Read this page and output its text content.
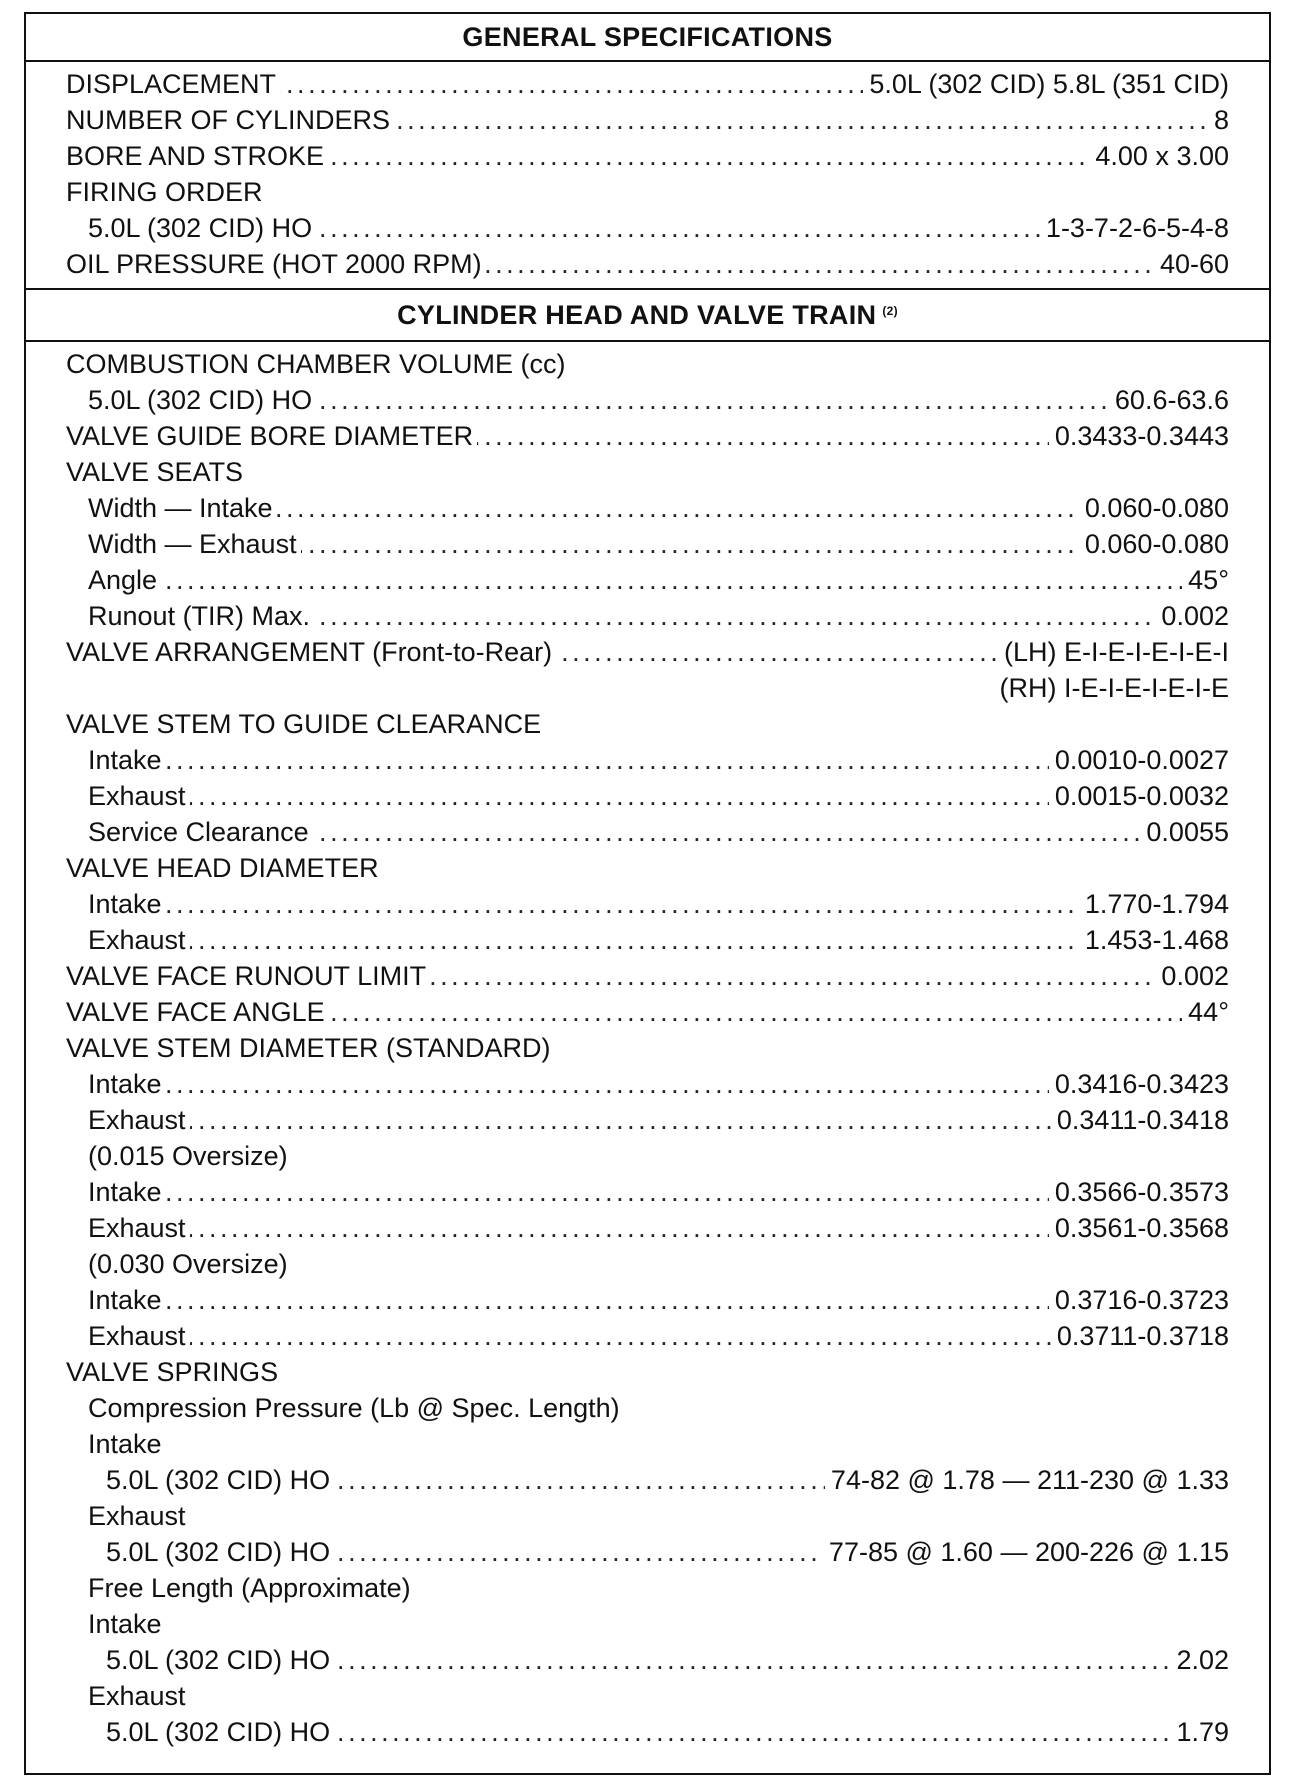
GENERAL SPECIFICATIONS
. . . DISPLACEMENT	5.0L (302 CID) 5.8L (351 CID)
. . . NUMBER OF CYLINDERS	8
. . . BORE AND STROKE	4.00 x 3.00
FIRING ORDER
. . . 5.0L (302 CID) HO	1-3-7-2-6-5-4-8
. . . OIL PRESSURE (HOT 2000 RPM)	40-60
CYLINDER HEAD AND VALVE TRAIN $^{(2)}$
COMBUSTION CHAMBER VOLUME (cc)
. . . 5.0L (302 CID) HO	60.6-63.6
. . . VALVE GUIDE BORE DIAMETER	0.3433-0.3443
VALVE SEATS
. . . Width — Intake	0.060-0.080
. . . Width — Exhaust	0.060-0.080
. . . Angle	45°
. . . Runout (TIR) Max.	0.002
. . . VALVE ARRANGEMENT (Front-to-Rear)	(LH) E-I-E-I-E-I-E-I
(RH) I-E-I-E-I-E-I-E
VALVE STEM TO GUIDE CLEARANCE
. . . Intake	0.0010-0.0027
. . . Exhaust	0.0015-0.0032
. . . Service Clearance	0.0055
VALVE HEAD DIAMETER
. . . Intake	1.770-1.794
. . . Exhaust	1.453-1.468
. . . VALVE FACE RUNOUT LIMIT	0.002
. . . VALVE FACE ANGLE	44°
VALVE STEM DIAMETER (STANDARD)
. . . Intake	0.3416-0.3423
. . . Exhaust	0.3411-0.3418
(0.015 Oversize)
. . . Intake	0.3566-0.3573
. . . Exhaust	0.3561-0.3568
(0.030 Oversize)
. . . Intake	0.3716-0.3723
. . . Exhaust	0.3711-0.3718
VALVE SPRINGS
Compression Pressure (Lb @ Spec. Length)
Intake
. . . 5.0L (302 CID) HO	74-82 @ 1.78 — 211-230 @ 1.33
Exhaust
. . . 5.0L (302 CID) HO	77-85 @ 1.60 — 200-226 @ 1.15
Free Length (Approximate)
Intake
. . . 5.0L (302 CID) HO	2.02
Exhaust
. . . 5.0L (302 CID) HO	1.79
